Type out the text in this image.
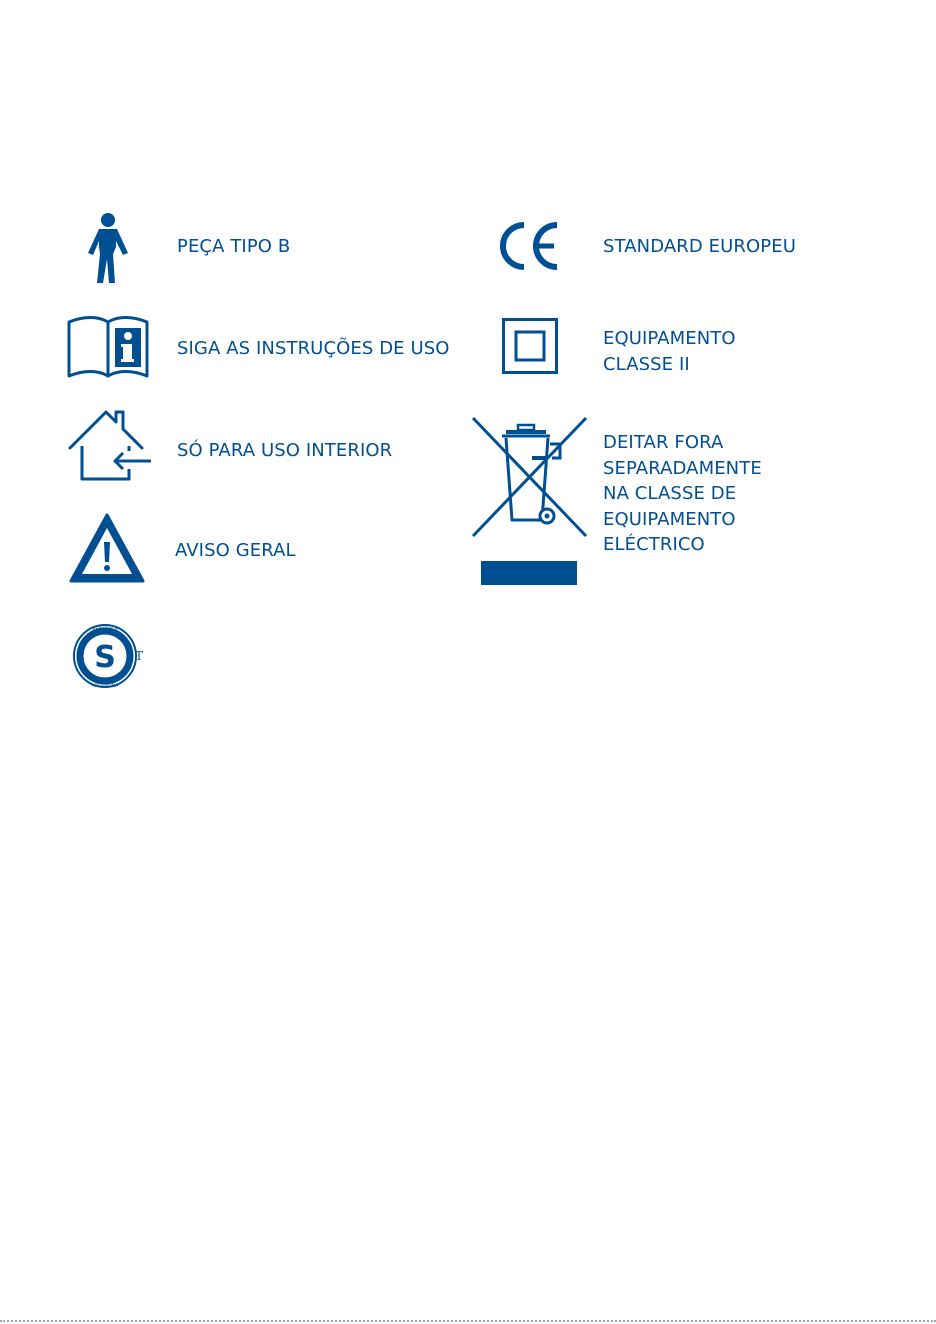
PEÇA TIPO B
SIGA AS INSTRUÇÕES DE USO
SÓ PARA USO INTERIOR
AVISO GERAL
S
REPUBLICA
ARGENTINA
T
STANDARD EUROPEU
EQUIPAMENTO
CLASSE II
DEITAR FORA
SEPARADAMENTE
NA CLASSE DE
EQUIPAMENTO
ELÉCTRICO
